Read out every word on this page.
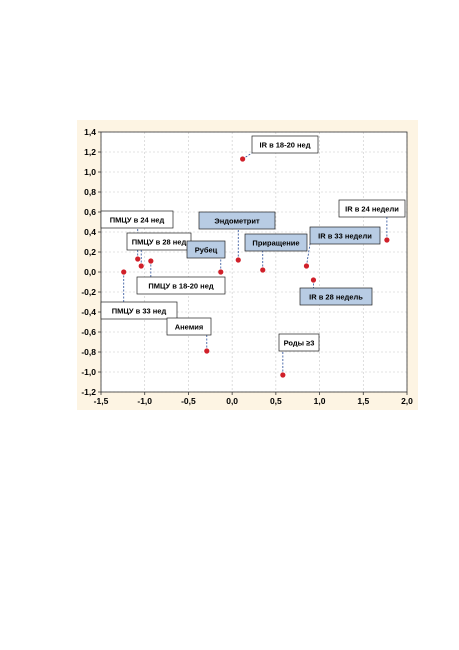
1,4
1,2
1,0
0,8
0,6
0,4
0,2
0,0
-0,2
-0,4
-0,6
-0,8
-1,0
-1,2
-1,5	-1,0	-0,5	0,0	0,5	1,0	1,5	2,0
IR в 18-20 нед
IR в 24 недели
ПМЦУ в 24 нед
ПМЦУ в 28 нед
Эндометрит
IR в 33 недели
Рубец
Приращение
ПМЦУ в 18-20 нед
ПМЦУ в 33 нед
IR в 28 недель
Анемия
Роды ≥3
